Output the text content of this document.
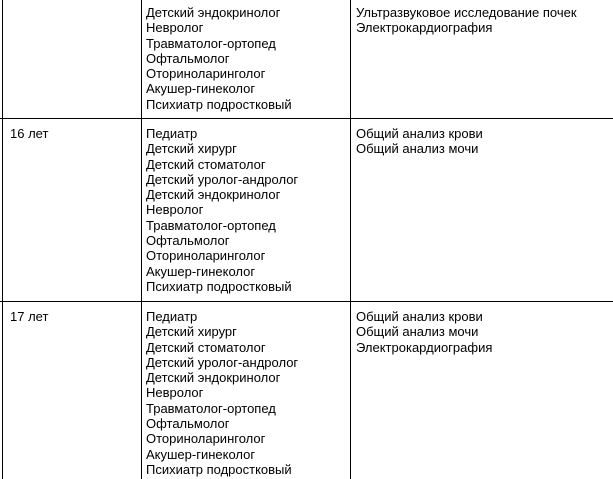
Детский эндокринолог
Невролог
Травматолог-ортопед
Офтальмолог
Оториноларинголог
Акушер-гинеколог
Психиатр подростковый
Ультразвуковое исследование почек
Электрокардиография
16 лет	Педиатр
Детский хирург
Детский стоматолог
Детский уролог-андролог
Детский эндокринолог
Невролог
Травматолог-ортопед
Офтальмолог
Оториноларинголог
Акушер-гинеколог
Психиатр подростковый
Общий анализ крови
Общий анализ мочи
17 лет	Педиатр
Детский хирург
Детский стоматолог
Детский уролог-андролог
Детский эндокринолог
Невролог
Травматолог-ортопед
Офтальмолог
Оториноларинголог
Акушер-гинеколог
Психиатр подростковый
Общий анализ крови
Общий анализ мочи
Электрокардиография
